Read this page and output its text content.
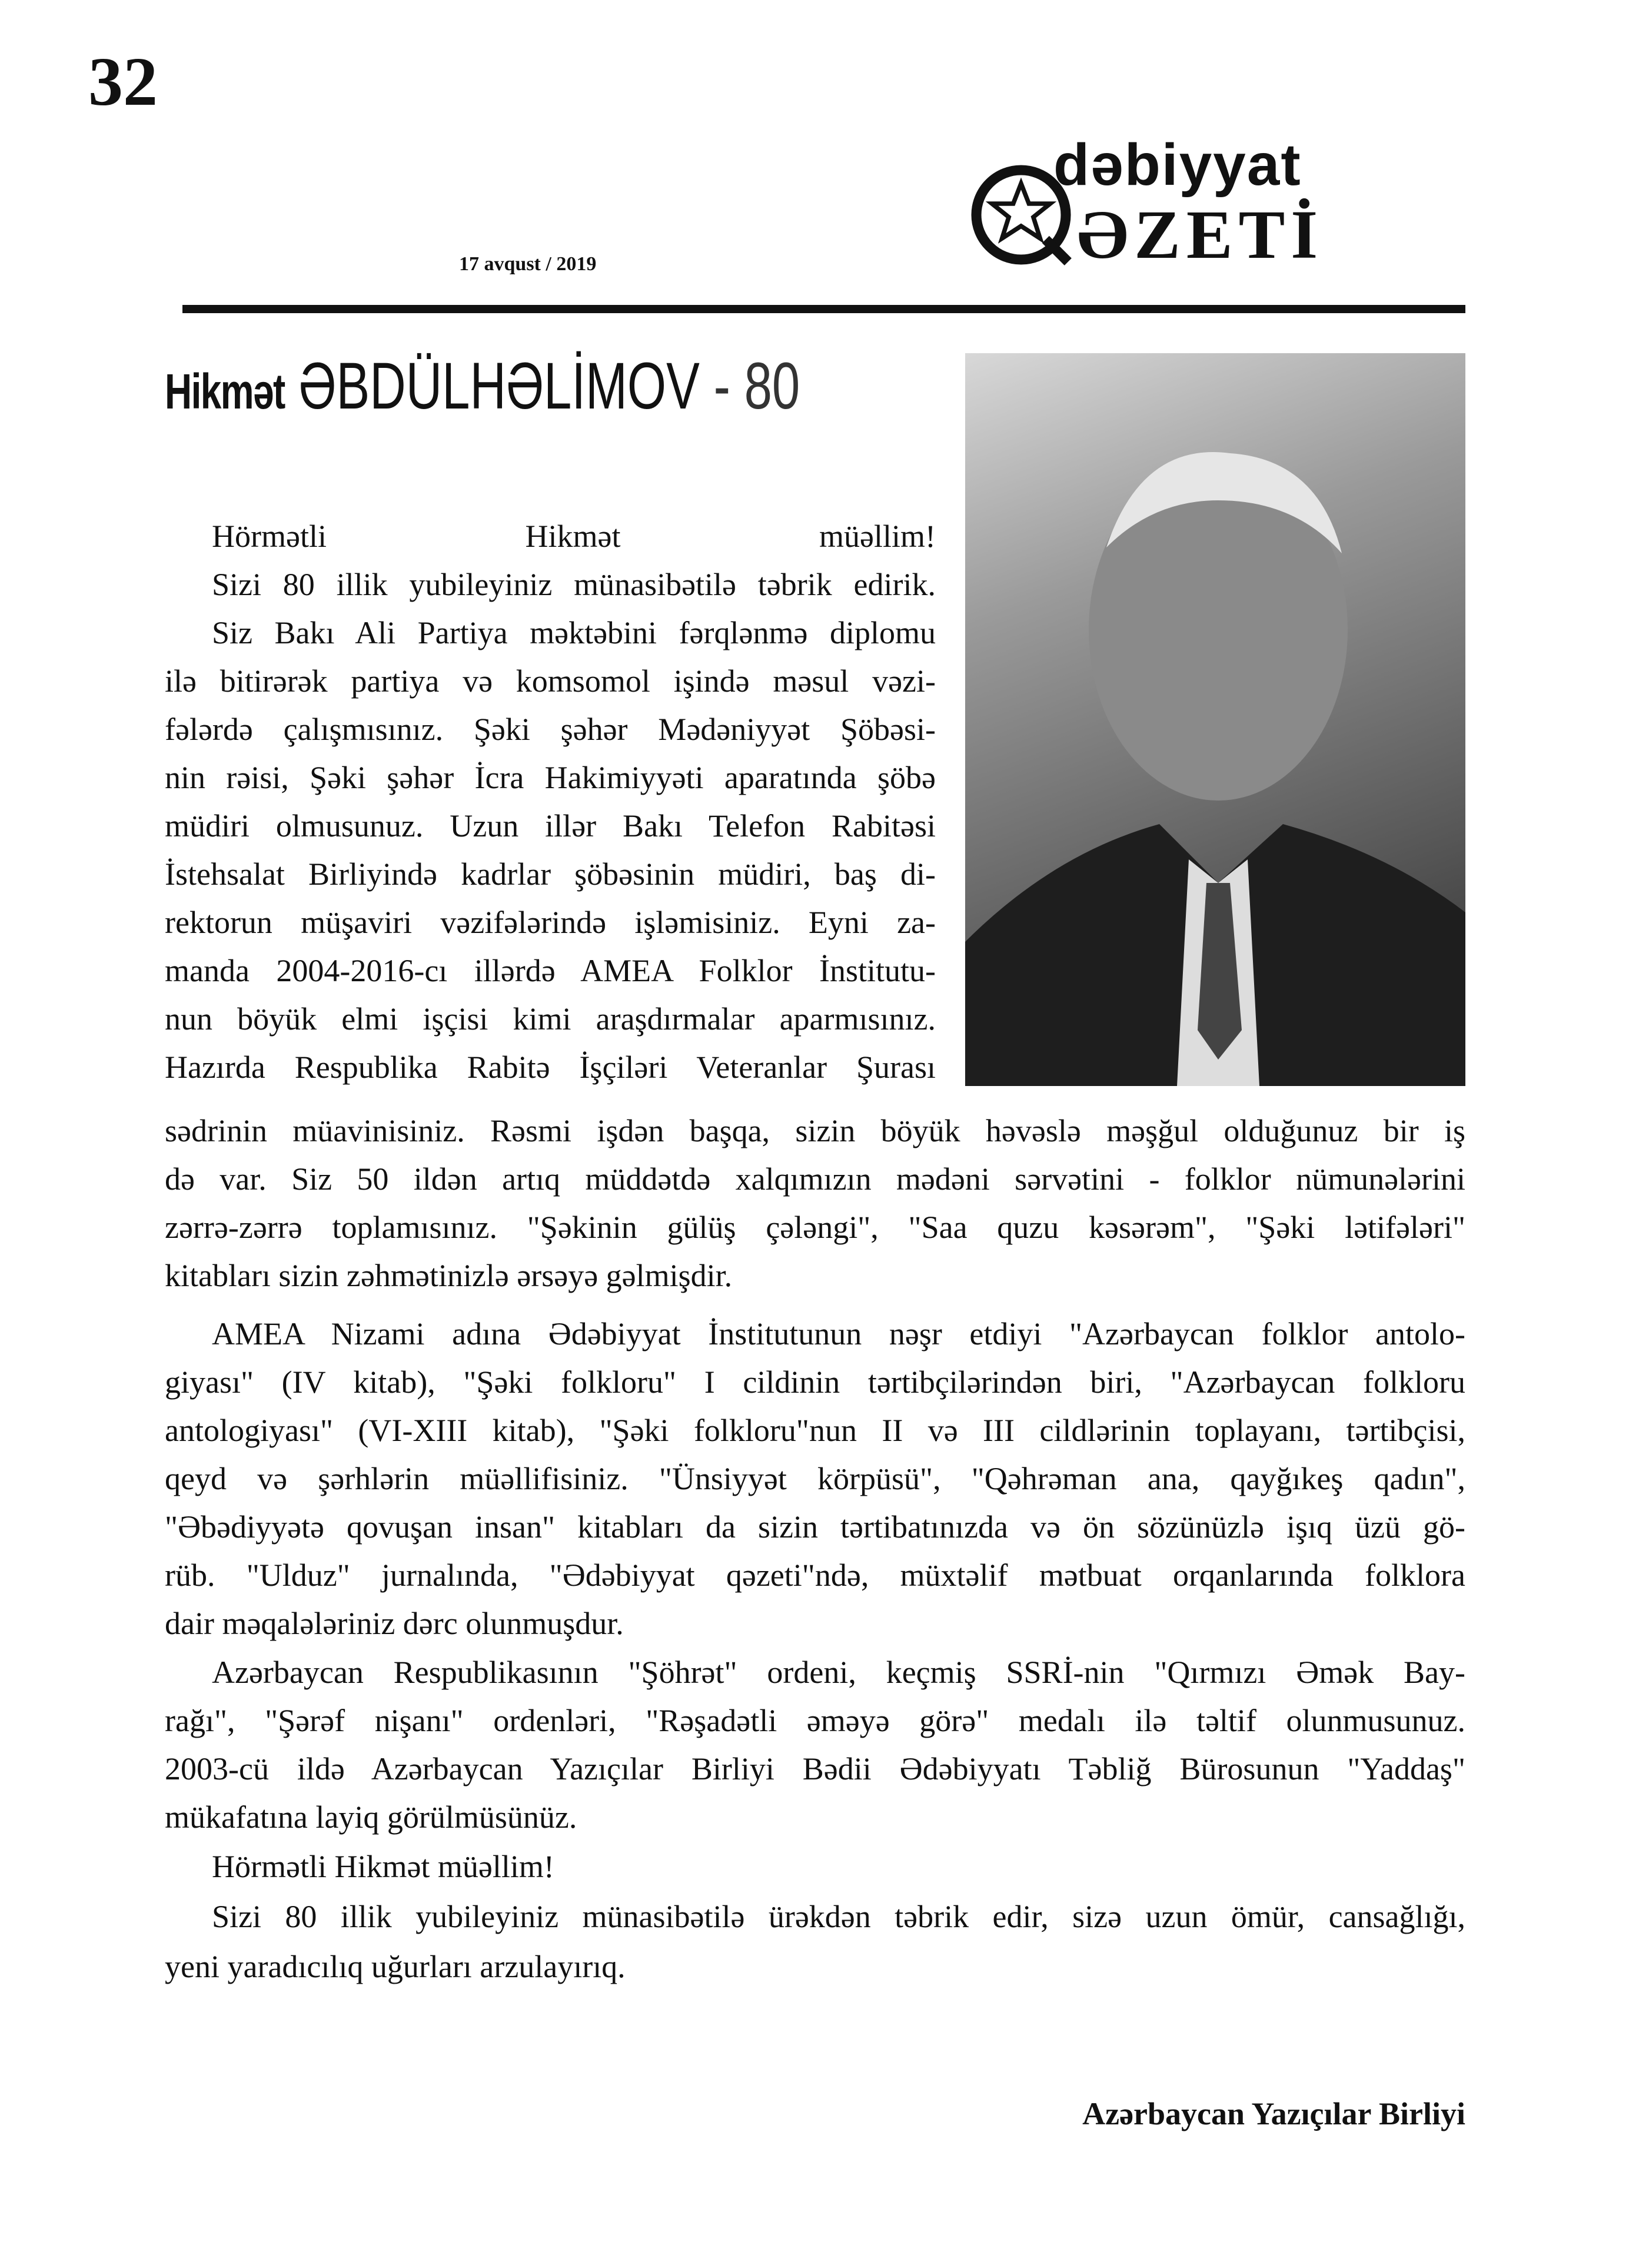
32
17 avqust / 2019
dəbiyyat
ƏZETİ
Hikmət ƏBDÜLHƏLİMOV - 80
Hörmətli Hikmət müəllim!
Sizi 80 illik yubileyiniz münasibətilə təbrik edirik.
Siz Bakı Ali Partiya məktəbini fərqlənmə diplomu
ilə bitirərək partiya və komsomol işində məsul vəzi-
fələrdə çalışmısınız. Şəki şəhər Mədəniyyət Şöbəsi-
nin rəisi, Şəki şəhər İcra Hakimiyyəti aparatında şöbə
müdiri olmusunuz. Uzun illər Bakı Telefon Rabitəsi
İstehsalat Birliyində kadrlar şöbəsinin müdiri, baş di-
rektorun müşaviri vəzifələrində işləmisiniz. Eyni za-
manda 2004-2016-cı illərdə AMEA Folklor İnstitutu-
nun böyük elmi işçisi kimi araşdırmalar aparmısınız.
Hazırda Respublika Rabitə İşçiləri Veteranlar Şurası
sədrinin müavinisiniz. Rəsmi işdən başqa, sizin böyük həvəslə məşğul olduğunuz bir iş
də var. Siz 50 ildən artıq müddətdə xalqımızın mədəni sərvətini - folklor nümunələrini
zərrə-zərrə toplamısınız. "Şəkinin gülüş çələngi", "Saa quzu kəsərəm", "Şəki lətifələri"
kitabları sizin zəhmətinizlə ərsəyə gəlmişdir.
AMEA Nizami adına Ədəbiyyat İnstitutunun nəşr etdiyi "Azərbaycan folklor antolo-
giyası" (IV kitab), "Şəki folkloru" I cildinin tərtibçilərindən biri, "Azərbaycan folkloru
antologiyası" (VI-XIII kitab), "Şəki folkloru"nun II və III cildlərinin toplayanı, tərtibçisi,
qeyd və şərhlərin müəllifisiniz. "Ünsiyyət körpüsü", "Qəhrəman ana, qayğıkeş qadın",
"Əbədiyyətə qovuşan insan" kitabları da sizin tərtibatınızda və ön sözünüzlə işıq üzü gö-
rüb. "Ulduz" jurnalında, "Ədəbiyyat qəzeti"ndə, müxtəlif mətbuat orqanlarında folklora
dair məqalələriniz dərc olunmuşdur.
Azərbaycan Respublikasının "Şöhrət" ordeni, keçmiş SSRİ-nin "Qırmızı Əmək Bay-
rağı", "Şərəf nişanı" ordenləri, "Rəşadətli əməyə görə" medalı ilə təltif olunmusunuz.
2003-cü ildə Azərbaycan Yazıçılar Birliyi Bədii Ədəbiyyatı Təbliğ Bürosunun "Yaddaş"
mükafatına layiq görülmüsünüz.
Hörmətli Hikmət müəllim!
Sizi 80 illik yubileyiniz münasibətilə ürəkdən təbrik edir, sizə uzun ömür, cansağlığı,
yeni yaradıcılıq uğurları arzulayırıq.
Azərbaycan Yazıçılar Birliyi
